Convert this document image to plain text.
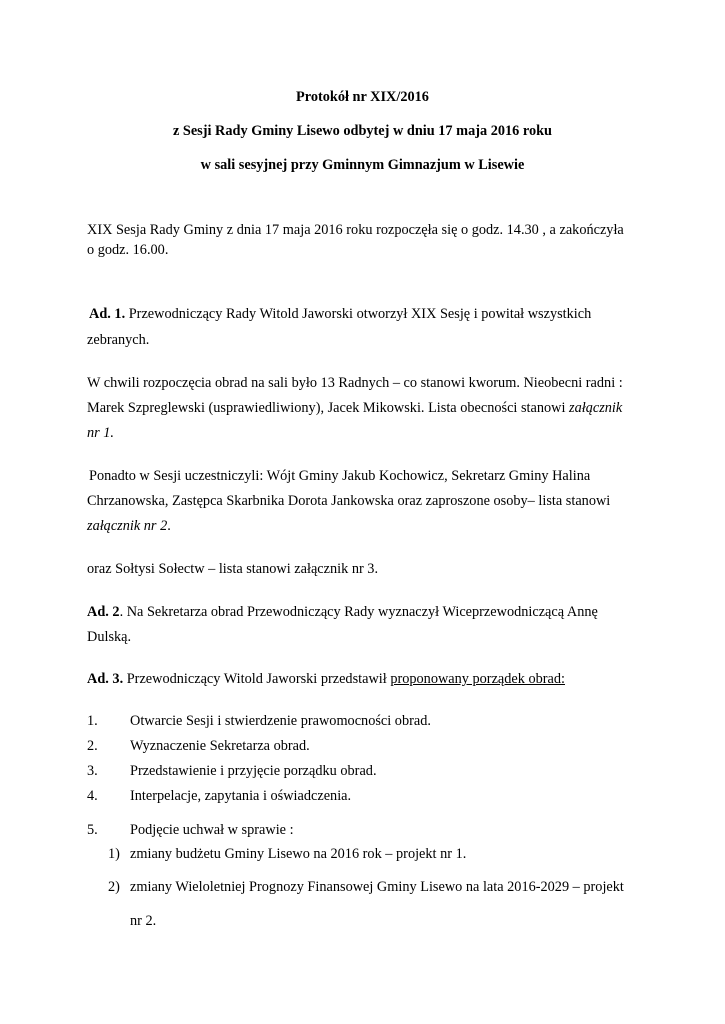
Protokół nr XIX/2016
z Sesji Rady Gminy Lisewo odbytej w dniu 17 maja 2016 roku
w sali sesyjnej przy Gminnym Gimnazjum w Lisewie
XIX Sesja Rady Gminy z dnia 17 maja 2016 roku rozpoczęła się o godz. 14.30 , a zakończyła
o godz. 16.00.
Ad. 1. Przewodniczący Rady Witold Jaworski otworzył XIX Sesję i powitał wszystkich
zebranych.
W chwili rozpoczęcia obrad na sali było 13 Radnych – co stanowi kworum. Nieobecni radni :
Marek Szpreglewski (usprawiedliwiony), Jacek Mikowski. Lista obecności stanowi załącznik
nr 1.
Ponadto w Sesji uczestniczyli: Wójt Gminy Jakub Kochowicz, Sekretarz Gminy Halina
Chrzanowska, Zastępca Skarbnika Dorota Jankowska oraz zaproszone osoby– lista stanowi
załącznik nr 2.
oraz Sołtysi Sołectw – lista stanowi załącznik nr 3.
Ad. 2. Na Sekretarza obrad Przewodniczący Rady wyznaczył Wiceprzewodniczącą Annę
Dulską.
Ad. 3. Przewodniczący Witold Jaworski przedstawił proponowany porządek obrad:
1. Otwarcie Sesji i stwierdzenie prawomocności obrad.
2. Wyznaczenie Sekretarza obrad.
3. Przedstawienie i przyjęcie porządku obrad.
4. Interpelacje, zapytania i oświadczenia.
5. Podjęcie uchwał w sprawie :
1) zmiany budżetu Gminy Lisewo na 2016 rok – projekt nr 1.
2) zmiany Wieloletniej Prognozy Finansowej Gminy Lisewo na lata 2016-2029 – projekt
nr 2.
